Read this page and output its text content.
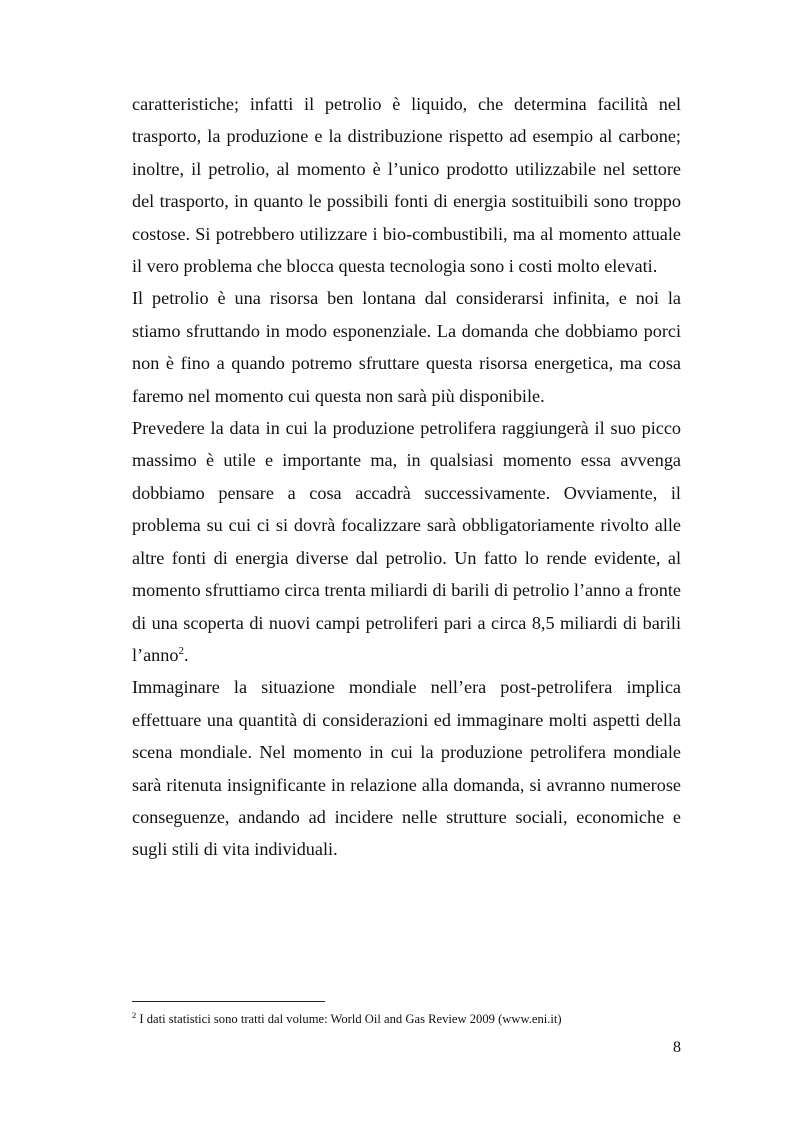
caratteristiche; infatti il petrolio è liquido, che determina facilità nel trasporto, la produzione e la distribuzione rispetto ad esempio al carbone; inoltre, il petrolio, al momento è l’unico prodotto utilizzabile nel settore del trasporto, in quanto le possibili fonti di energia sostituibili sono troppo costose. Si potrebbero utilizzare i bio-combustibili, ma al momento attuale il vero problema che blocca questa tecnologia sono i costi molto elevati.

Il petrolio è una risorsa ben lontana dal considerarsi infinita, e noi la stiamo sfruttando in modo esponenziale. La domanda che dobbiamo porci non è fino a quando potremo sfruttare questa risorsa energetica, ma cosa faremo nel momento cui questa non sarà più disponibile.

Prevedere la data in cui la produzione petrolifera raggiungerà il suo picco massimo è utile e importante ma, in qualsiasi momento essa avvenga dobbiamo pensare a cosa accadrà successivamente. Ovviamente, il problema su cui ci si dovrà focalizzare sarà obbligatoriamente rivolto alle altre fonti di energia diverse dal petrolio. Un fatto lo rende evidente, al momento sfruttiamo circa trenta miliardi di barili di petrolio l’anno a fronte di una scoperta di nuovi campi petroliferi pari a circa 8,5 miliardi di barili l’anno$^2$.

Immaginare la situazione mondiale nell’era post-petrolifera implica effettuare una quantità di considerazioni ed immaginare molti aspetti della scena mondiale. Nel momento in cui la produzione petrolifera mondiale sarà ritenuta insignificante in relazione alla domanda, si avranno numerose conseguenze, andando ad incidere nelle strutture sociali, economiche e sugli stili di vita individuali.

$^2$ I dati statistici sono tratti dal volume: World Oil and Gas Review 2009 (www.eni.it)
8
